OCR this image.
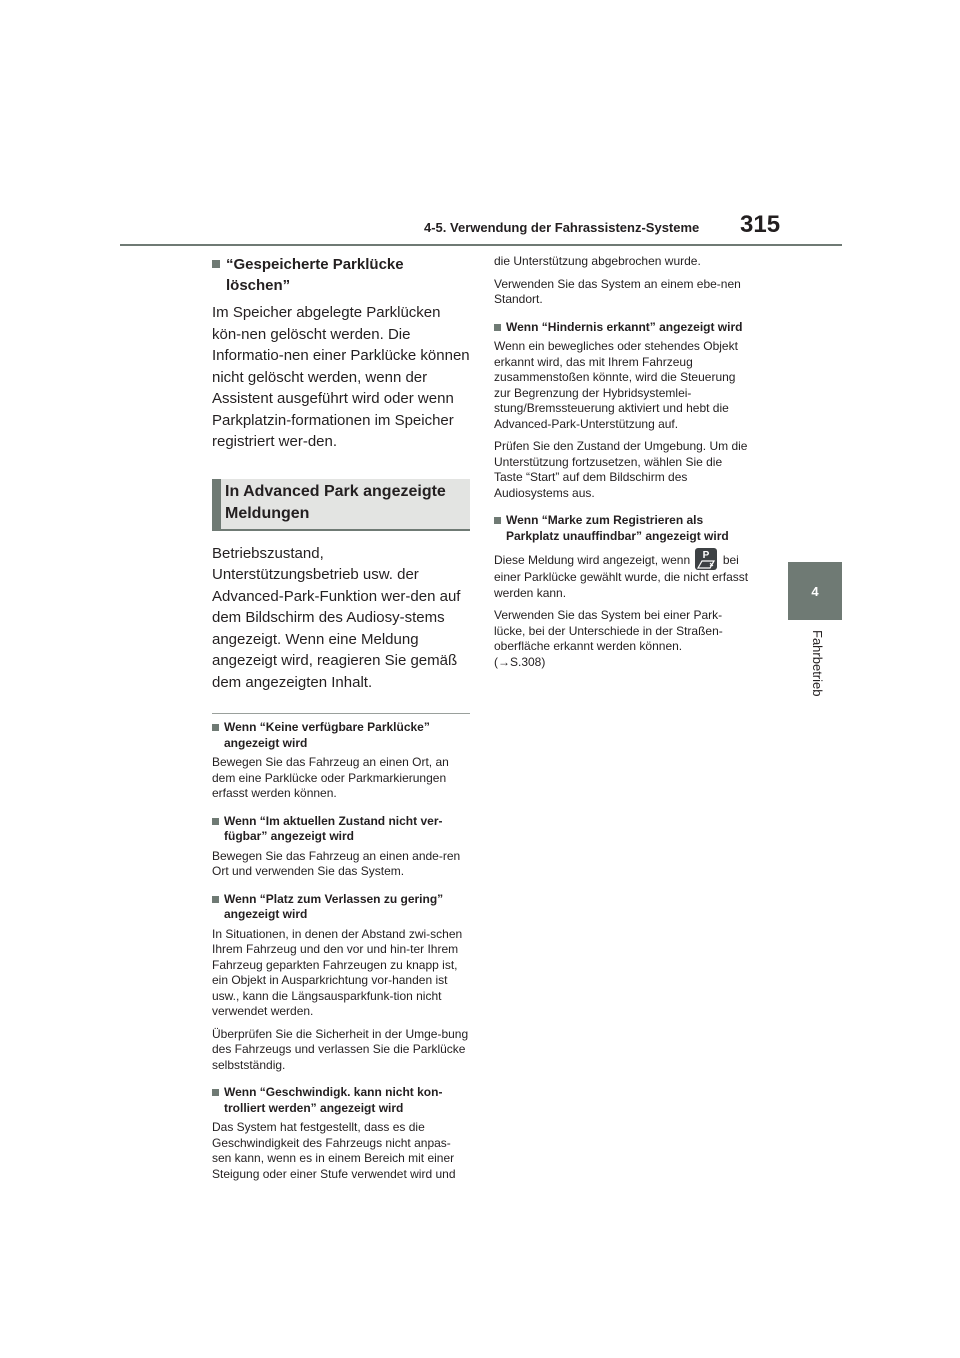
4-5. Verwendung der Fahrassistenz-Systeme 315
4
Fahrbetrieb
“Gespeicherte Parklücke löschen”

Im Speicher abgelegte Parklücken kön-nen gelöscht werden. Die Informatio-nen einer Parklücke können nicht gelöscht werden, wenn der Assistent ausgeführt wird oder wenn Parkplatzin-formationen im Speicher registriert wer-den.

In Advanced Park angezeigte Meldungen

Betriebszustand, Unterstützungsbetrieb usw. der Advanced-Park-Funktion wer-den auf dem Bildschirm des Audiosy-stems angezeigt. Wenn eine Meldung angezeigt wird, reagieren Sie gemäß dem angezeigten Inhalt.

Wenn “Keine verfügbare Parklücke” angezeigt wird

Bewegen Sie das Fahrzeug an einen Ort, an dem eine Parklücke oder Parkmarkierungen erfasst werden können.

Wenn “Im aktuellen Zustand nicht ver-fügbar” angezeigt wird

Bewegen Sie das Fahrzeug an einen ande-ren Ort und verwenden Sie das System.

Wenn “Platz zum Verlassen zu gering” angezeigt wird

In Situationen, in denen der Abstand zwi-schen Ihrem Fahrzeug und den vor und hin-ter Ihrem Fahrzeug geparkten Fahrzeugen zu knapp ist, ein Objekt in Ausparkrichtung vor-handen ist usw., kann die Längsausparkfunk-tion nicht verwendet werden.

Überprüfen Sie die Sicherheit in der Umge-bung des Fahrzeugs und verlassen Sie die Parklücke selbstständig.

Wenn “Geschwindigk. kann nicht kon-trolliert werden” angezeigt wird

Das System hat festgestellt, dass es die Geschwindigkeit des Fahrzeugs nicht anpas-sen kann, wenn es in einem Bereich mit einer Steigung oder einer Stufe verwendet wird und

die Unterstützung abgebrochen wurde.

Verwenden Sie das System an einem ebe-nen Standort.

Wenn “Hindernis erkannt” angezeigt wird

Wenn ein bewegliches oder stehendes Objekt erkannt wird, das mit Ihrem Fahrzeug zusammenstoßen könnte, wird die Steuerung zur Begrenzung der Hybridsystemlei-stung/Bremssteuerung aktiviert und hebt die Advanced-Park-Unterstützung auf.

Prüfen Sie den Zustand der Umgebung. Um die Unterstützung fortzusetzen, wählen Sie die Taste “Start” auf dem Bildschirm des Audiosystems aus.

Wenn “Marke zum Registrieren als Parkplatz unauffindbar” angezeigt wird

Diese Meldung wird angezeigt, wenn P bei einer Parklücke gewählt wurde, die nicht erfasst werden kann.

Verwenden Sie das System bei einer Park-lücke, bei der Unterschiede in der Straßen-oberfläche erkannt werden können.
(→S.308)
